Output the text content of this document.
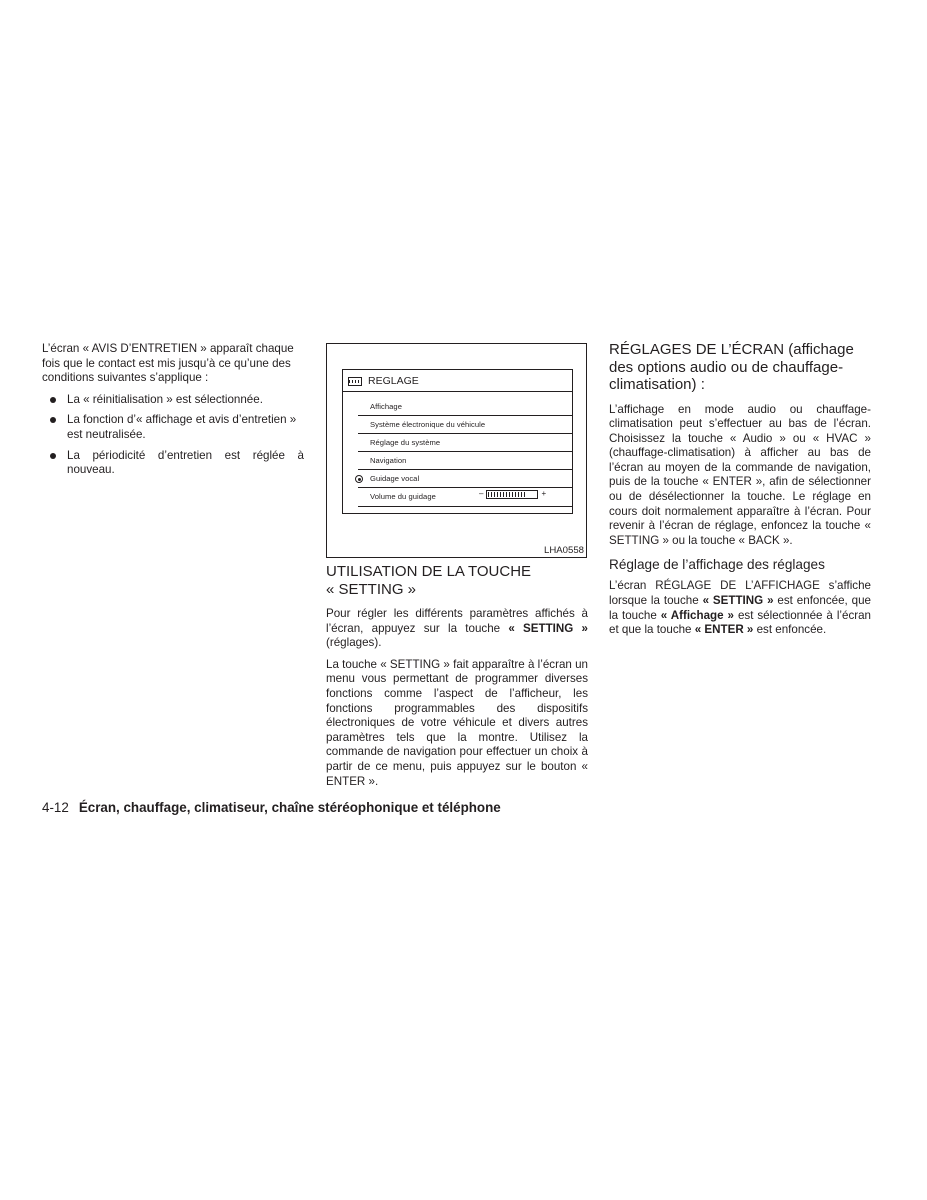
L’écran « AVIS D’ENTRETIEN » apparaît chaque fois que le contact est mis jusqu’à ce qu’une des conditions suivantes s’applique :

La « réinitialisation » est sélectionnée.
La fonction d’« affichage et avis d’entretien » est neutralisée.
La périodicité d’entretien est réglée à nouveau.
REGLAGE
Affichage
Système électronique du véhicule
Réglage du système
Navigation
Guidage vocal
Volume du guidage	–	+
LHA0558
UTILISATION DE LA TOUCHE
« SETTING »

Pour régler les différents paramètres affichés à l’écran, appuyez sur la touche « SETTING » (réglages).

La touche « SETTING » fait apparaître à l’écran un menu vous permettant de programmer diverses fonctions comme l’aspect de l’afficheur, les fonctions programmables des dispositifs électroniques de votre véhicule et divers autres paramètres tels que la montre. Utilisez la commande de navigation pour effectuer un choix à partir de ce menu, puis appuyez sur le bouton « ENTER ».

RÉGLAGES DE L’ÉCRAN (affichage des options audio ou de chauffage-climatisation) :

L’affichage en mode audio ou chauffage-climatisation peut s’effectuer au bas de l’écran. Choisissez la touche « Audio » ou « HVAC » (chauffage-climatisation) à afficher au bas de l’écran au moyen de la commande de navigation, puis de la touche « ENTER », afin de sélectionner ou de désélectionner la touche. Le réglage en cours doit normalement apparaître à l’écran. Pour revenir à l’écran de réglage, enfoncez la touche « SETTING » ou la touche « BACK ».

Réglage de l’affichage des réglages

L’écran RÉGLAGE DE L’AFFICHAGE s’affiche lorsque la touche « SETTING » est enfoncée, que la touche « Affichage » est sélectionnée à l’écran et que la touche « ENTER » est enfoncée.

4-12 Écran, chauffage, climatiseur, chaîne stéréophonique et téléphone
